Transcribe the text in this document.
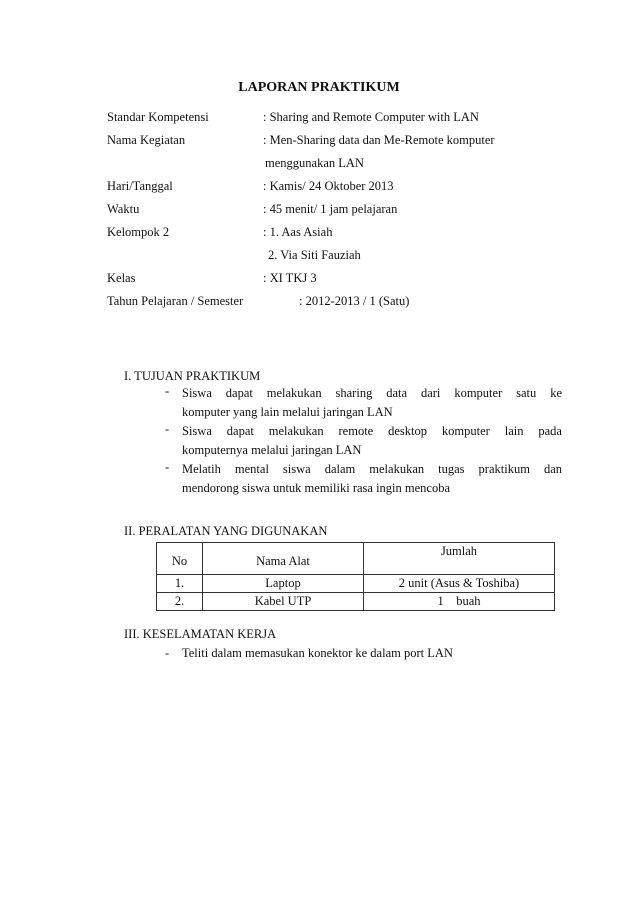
LAPORAN PRAKTIKUM
Standar Kompetensi	: Sharing and Remote Computer with LAN
Nama Kegiatan	: Men-Sharing data dan Me-Remote komputer
menggunakan LAN
Hari/Tanggal	: Kamis/ 24 Oktober 2013
Waktu	: 45 menit/ 1 jam pelajaran
Kelompok 2	: 1. Aas Asiah
2. Via Siti Fauziah
Kelas	: XI TKJ 3
Tahun Pelajaran / Semester	: 2012-2013 / 1 (Satu)
I. TUJUAN PRAKTIKUM
- Siswa dapat melakukan sharing data dari komputer satu ke
komputer yang lain melalui jaringan LAN
- Siswa dapat melakukan remote desktop komputer lain pada
komputernya melalui jaringan LAN
- Melatih mental siswa dalam melakukan tugas praktikum dan
mendorong siswa untuk memiliki rasa ingin mencoba
II. PERALATAN YANG DIGUNAKAN
No	Nama Alat	Jumlah
1.	Laptop	2 unit (Asus & Toshiba)
2.	Kabel UTP	1    buah
III. KESELAMATAN KERJA
- Teliti dalam memasukan konektor ke dalam port LAN
